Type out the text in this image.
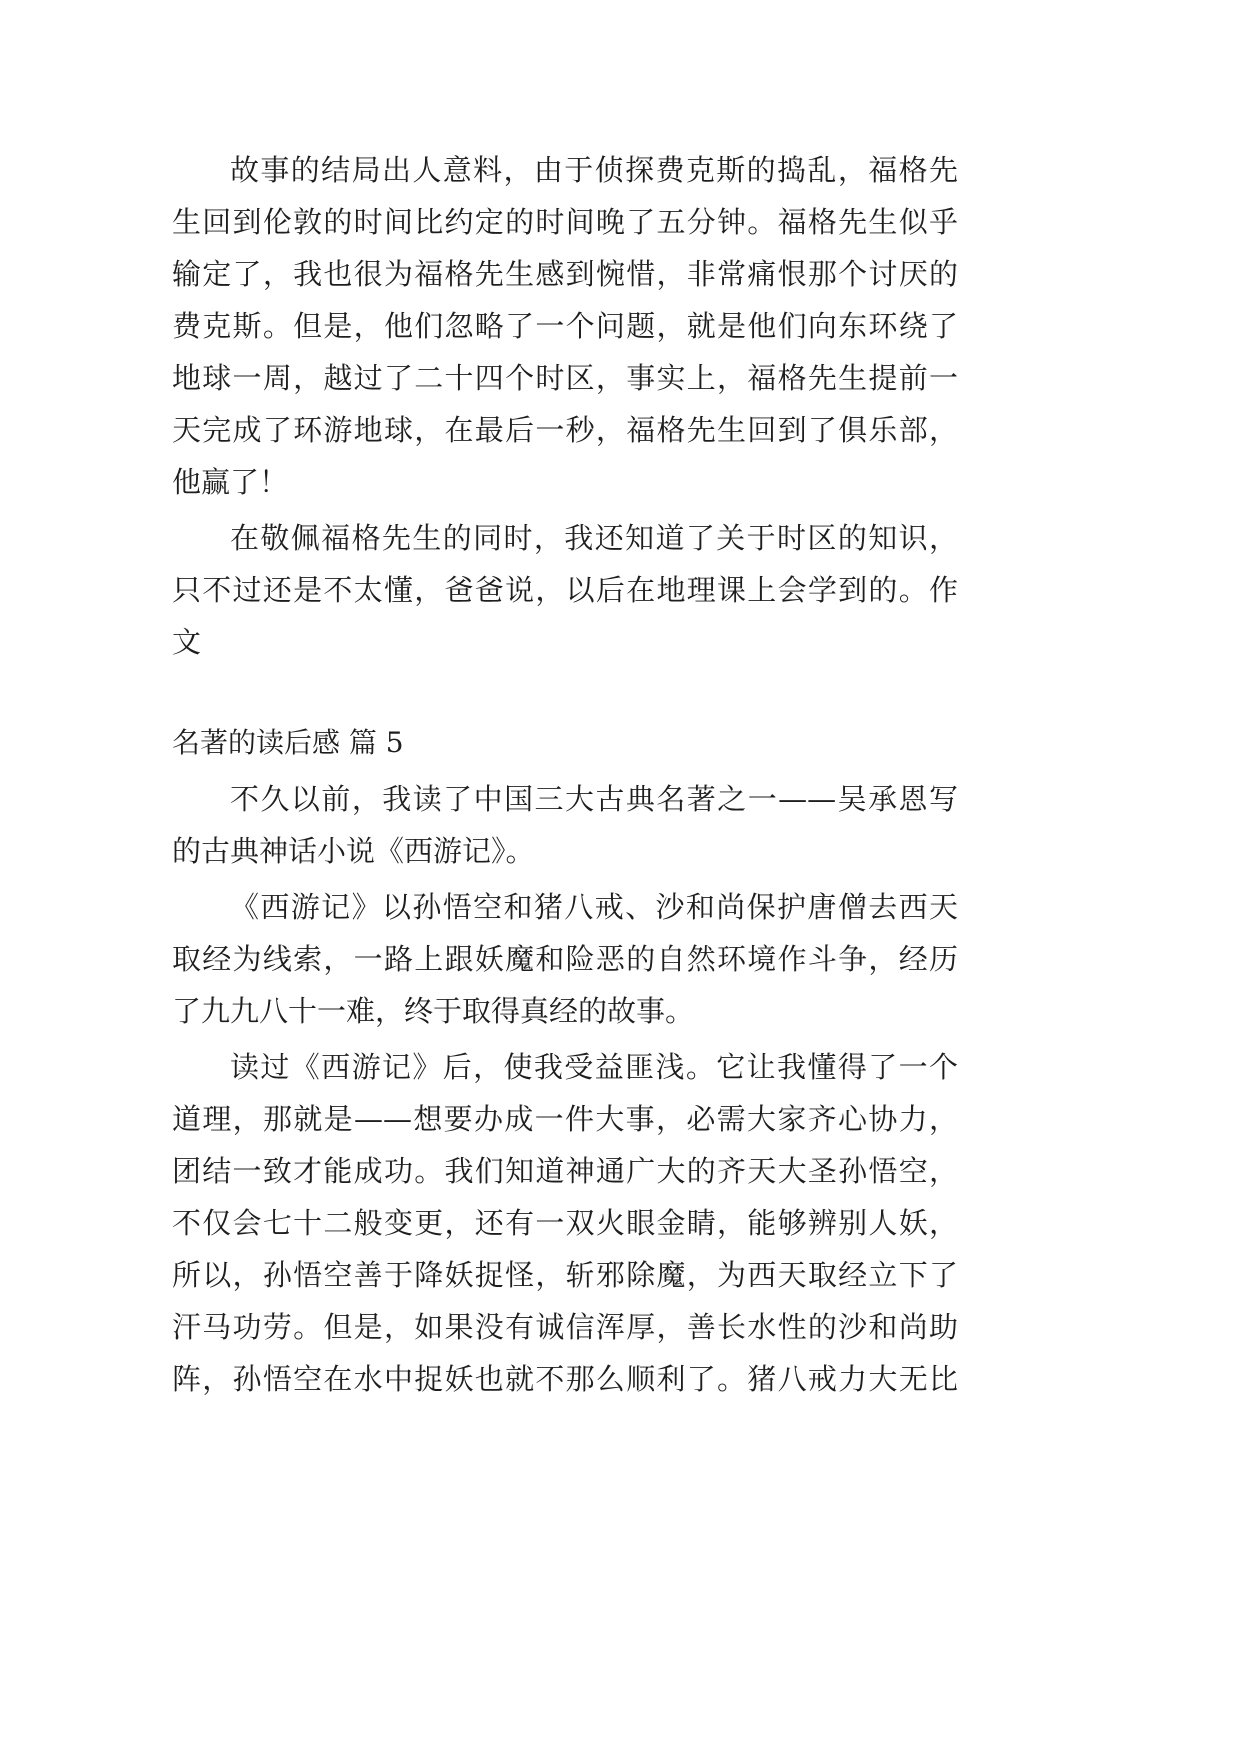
故事的结局出人意料，由于侦探费克斯的捣乱，福格先
生回到伦敦的时间比约定的时间晚了五分钟。福格先生似乎
输定了，我也很为福格先生感到惋惜，非常痛恨那个讨厌的
费克斯。但是，他们忽略了一个问题，就是他们向东环绕了
地球一周，越过了二十四个时区，事实上，福格先生提前一
天完成了环游地球，在最后一秒，福格先生回到了俱乐部，
他赢了！
在敬佩福格先生的同时，我还知道了关于时区的知识，
只不过还是不太懂，爸爸说，以后在地理课上会学到的。作
文
名著的读后感 篇 5
不久以前，我读了中国三大古典名著之一——吴承恩写
的古典神话小说《西游记》。
《西游记》以孙悟空和猪八戒、沙和尚保护唐僧去西天
取经为线索，一路上跟妖魔和险恶的自然环境作斗争，经历
了九九八十一难，终于取得真经的故事。
读过《西游记》后，使我受益匪浅。它让我懂得了一个
道理，那就是——想要办成一件大事，必需大家齐心协力，
团结一致才能成功。我们知道神通广大的齐天大圣孙悟空，
不仅会七十二般变更，还有一双火眼金睛，能够辨别人妖，
所以，孙悟空善于降妖捉怪，斩邪除魔，为西天取经立下了
汗马功劳。但是，如果没有诚信浑厚，善长水性的沙和尚助
阵，孙悟空在水中捉妖也就不那么顺利了。猪八戒力大无比
